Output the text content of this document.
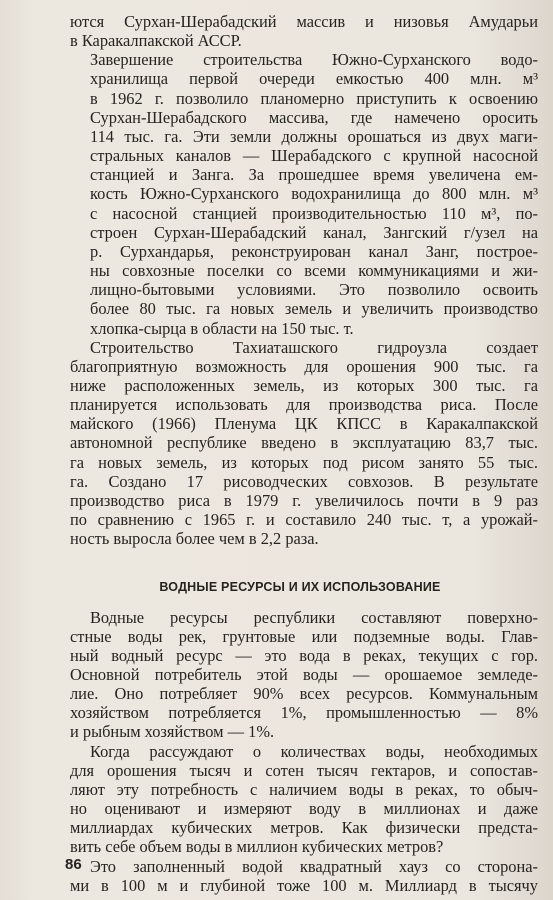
ются Сурхан-Шерабадский массив и низовья Амударьи
в Каракалпакской АССР.

Завершение строительства Южно-Сурханского водо-
хранилища первой очереди емкостью 400 млн. м³
в 1962 г. позволило планомерно приступить к освоению
Сурхан-Шерабадского массива, где намечено оросить
114 тыс. га. Эти земли должны орошаться из двух маги-
стральных каналов — Шерабадского с крупной насосной
станцией и Занга. За прошедшее время увеличена ем-
кость Южно-Сурханского водохранилища до 800 млн. м³
с насосной станцией производительностью 110 м³, по-
строен Сурхан-Шерабадский канал, Зангский г/узел на
р. Сурхандарья, реконструирован канал Занг, построе-
ны совхозные поселки со всеми коммуникациями и жи-
лищно-бытовыми условиями. Это позволило освоить
более 80 тыс. га новых земель и увеличить производство
хлопка-сырца в области на 150 тыс. т.

Строительство Тахиаташского гидроузла создает
благоприятную возможность для орошения 900 тыс. га
ниже расположенных земель, из которых 300 тыс. га
планируется использовать для производства риса. После
майского (1966) Пленума ЦК КПСС в Каракалпакской
автономной республике введено в эксплуатацию 83,7 тыс.
га новых земель, из которых под рисом занято 55 тыс.
га. Создано 17 рисоводческих совхозов. В результате
производство риса в 1979 г. увеличилось почти в 9 раз
по сравнению с 1965 г. и составило 240 тыс. т, а урожай-
ность выросла более чем в 2,2 раза.

ВОДНЫЕ РЕСУРСЫ И ИХ ИСПОЛЬЗОВАНИЕ

Водные ресурсы республики составляют поверхно-
стные воды рек, грунтовые или подземные воды. Глав-
ный водный ресурс — это вода в реках, текущих с гор.
Основной потребитель этой воды — орошаемое земледе-
лие. Оно потребляет 90% всех ресурсов. Коммунальным
хозяйством потребляется 1%, промышленностью — 8%
и рыбным хозяйством — 1%.

Когда рассуждают о количествах воды, необходимых
для орошения тысяч и сотен тысяч гектаров, и сопостав-
ляют эту потребность с наличием воды в реках, то обыч-
но оценивают и измеряют воду в миллионах и даже
миллиардах кубических метров. Как физически предста-
вить себе объем воды в миллион кубических метров?

Это заполненный водой квадратный хауз со сторона-
ми в 100 м и глубиной тоже 100 м. Миллиард в тысячу

86
